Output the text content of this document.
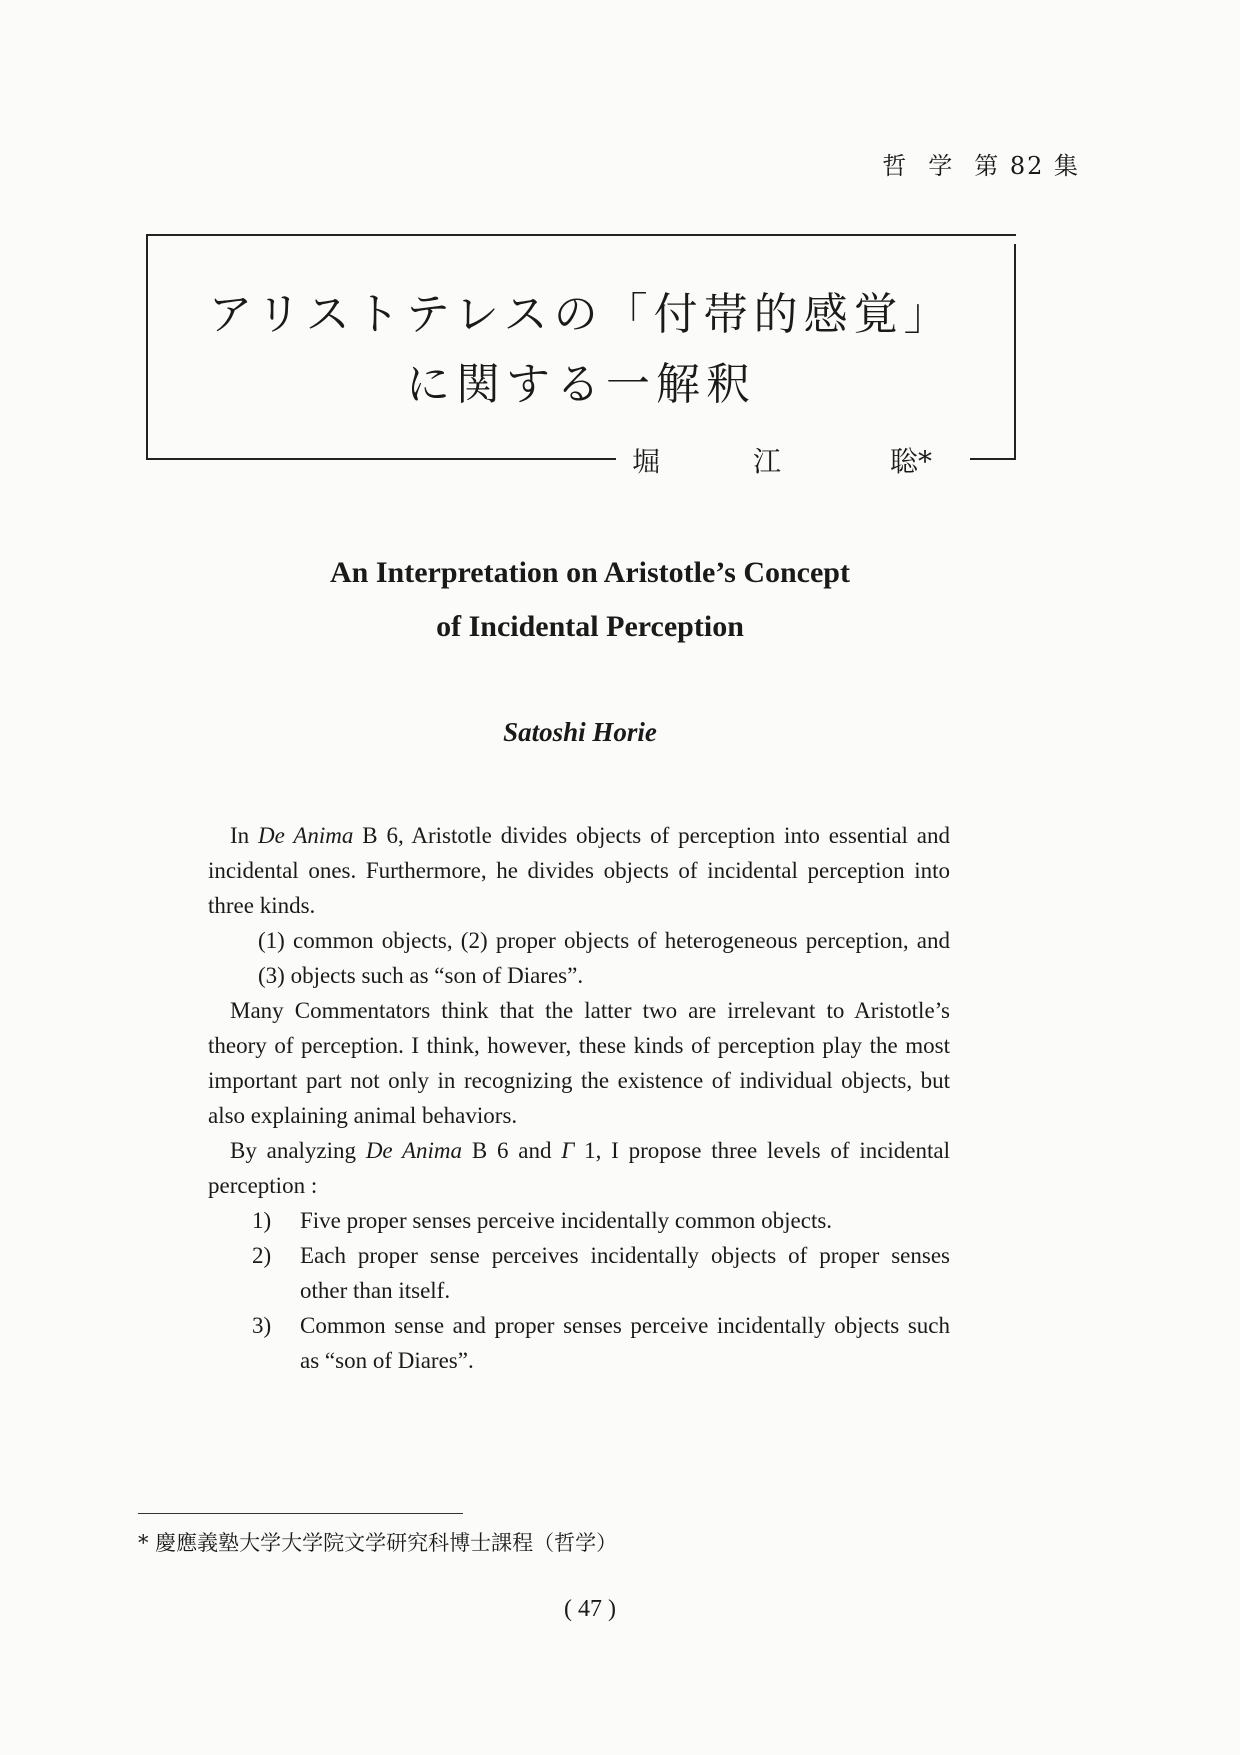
哲 学 第 82 集
アリストテレスの「付帯的感覚」
に関する一解釈
堀	江	聡*
An Interpretation on Aristotle’s Concept
of Incidental Perception
Satoshi Horie

In De Anima B 6, Aristotle divides objects of perception into essential and incidental ones. Furthermore, he divides objects of incidental perception into three kinds.

(1) common objects, (2) proper objects of heterogeneous perception, and (3) objects such as “son of Diares”.

Many Commentators think that the latter two are irrelevant to Aristotle’s theory of perception. I think, however, these kinds of perception play the most important part not only in recognizing the existence of individual objects, but also explaining animal behaviors.

By analyzing De Anima B 6 and Γ 1, I propose three levels of incidental perception :

1)	Five proper senses perceive incidentally common objects.
2)	Each proper sense perceives incidentally objects of proper senses other than itself.
3)	Common sense and proper senses perceive incidentally objects such as “son of Diares”.
* 慶應義塾大学大学院文学研究科博士課程（哲学）
( 47 )
